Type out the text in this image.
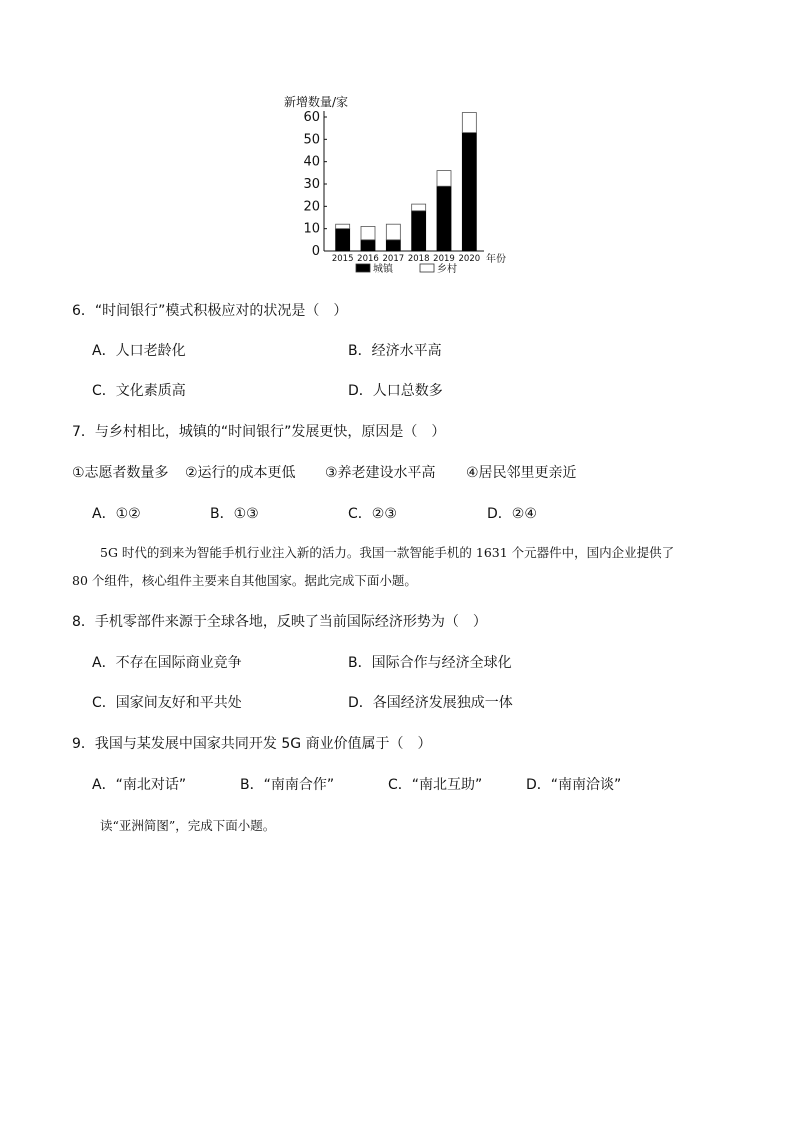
新增数量/家
年份
0
10
20
30
40
50
60
2015 2016 2017 2018 2019 2020
城镇	乡村
6．“时间银行”模式积极应对的状况是（　）
A．人口老龄化	B．经济水平高
C．文化素质高	D．人口总数多
7．与乡村相比，城镇的“时间银行”发展更快，原因是（　）
①志愿者数量多 ②运行的成本更低 ③养老建设水平高 ④居民邻里更亲近
A．①②	B．①③	C．②③	D．②④
5G 时代的到来为智能手机行业注入新的活力。我国一款智能手机的 1631 个元器件中，国内企业提供了
80 个组件，核心组件主要来自其他国家。据此完成下面小题。
8．手机零部件来源于全球各地，反映了当前国际经济形势为（　）
A．不存在国际商业竞争	B．国际合作与经济全球化
C．国家间友好和平共处	D．各国经济发展独成一体
9．我国与某发展中国家共同开发 5G 商业价值属于（　）
A．“南北对话”	B．“南南合作”	C．“南北互助”	D．“南南洽谈”
读“亚洲简图”，完成下面小题。
